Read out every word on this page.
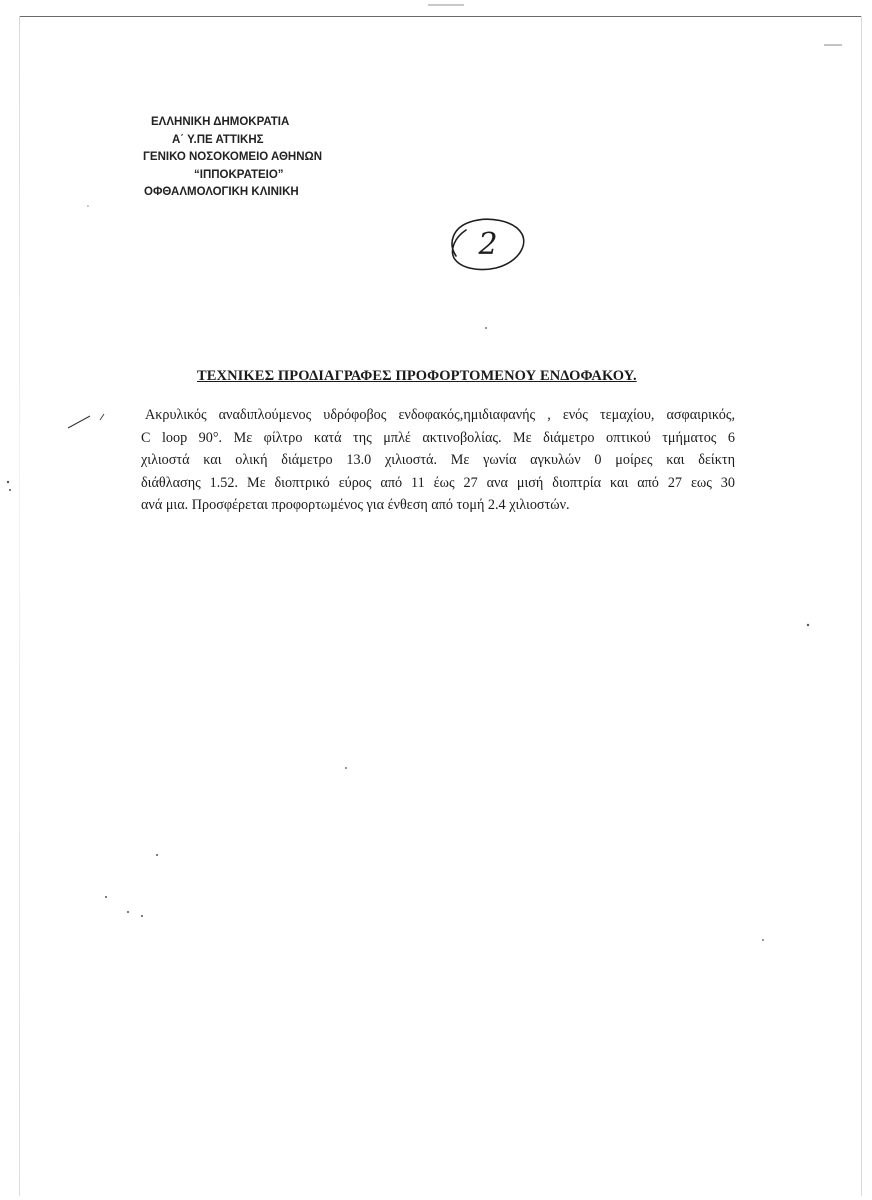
ΕΛΛΗΝΙΚΗ ΔΗΜΟΚΡΑΤΙΑ
Α΄ Υ.ΠΕ ΑΤΤΙΚΗΣ
ΓΕΝΙΚΟ ΝΟΣΟΚΟΜΕΙΟ ΑΘΗΝΩΝ
“ΙΠΠΟΚΡΑΤΕΙΟ”
ΟΦΘΑΛΜΟΛΟΓΙΚΗ ΚΛΙΝΙΚΗ
2
ΤΕΧΝΙΚΕΣ ΠΡΟΔΙΑΓΡΑΦΕΣ ΠΡΟΦΟΡΤΟΜΕΝΟΥ ΕΝΔΟΦΑΚΟΥ.
Ακρυλικός αναδιπλούμενος υδρόφοβος ενδοφακός,ημιδιαφανής , ενός τεμαχίου, ασφαιρικός,
C loop 90°. Με φίλτρο κατά της μπλέ ακτινοβολίας. Με διάμετρο οπτικού τμήματος 6
χιλιοστά και ολική διάμετρο 13.0 χιλιοστά. Με γωνία αγκυλών 0 μοίρες και δείκτη
διάθλασης 1.52. Με διοπτρικό εύρος από 11 έως 27 ανα μισή διοπτρία και από 27 εως 30
ανά μια. Προσφέρεται προφορτωμένος για ένθεση από τομή 2.4 χιλιοστών.
